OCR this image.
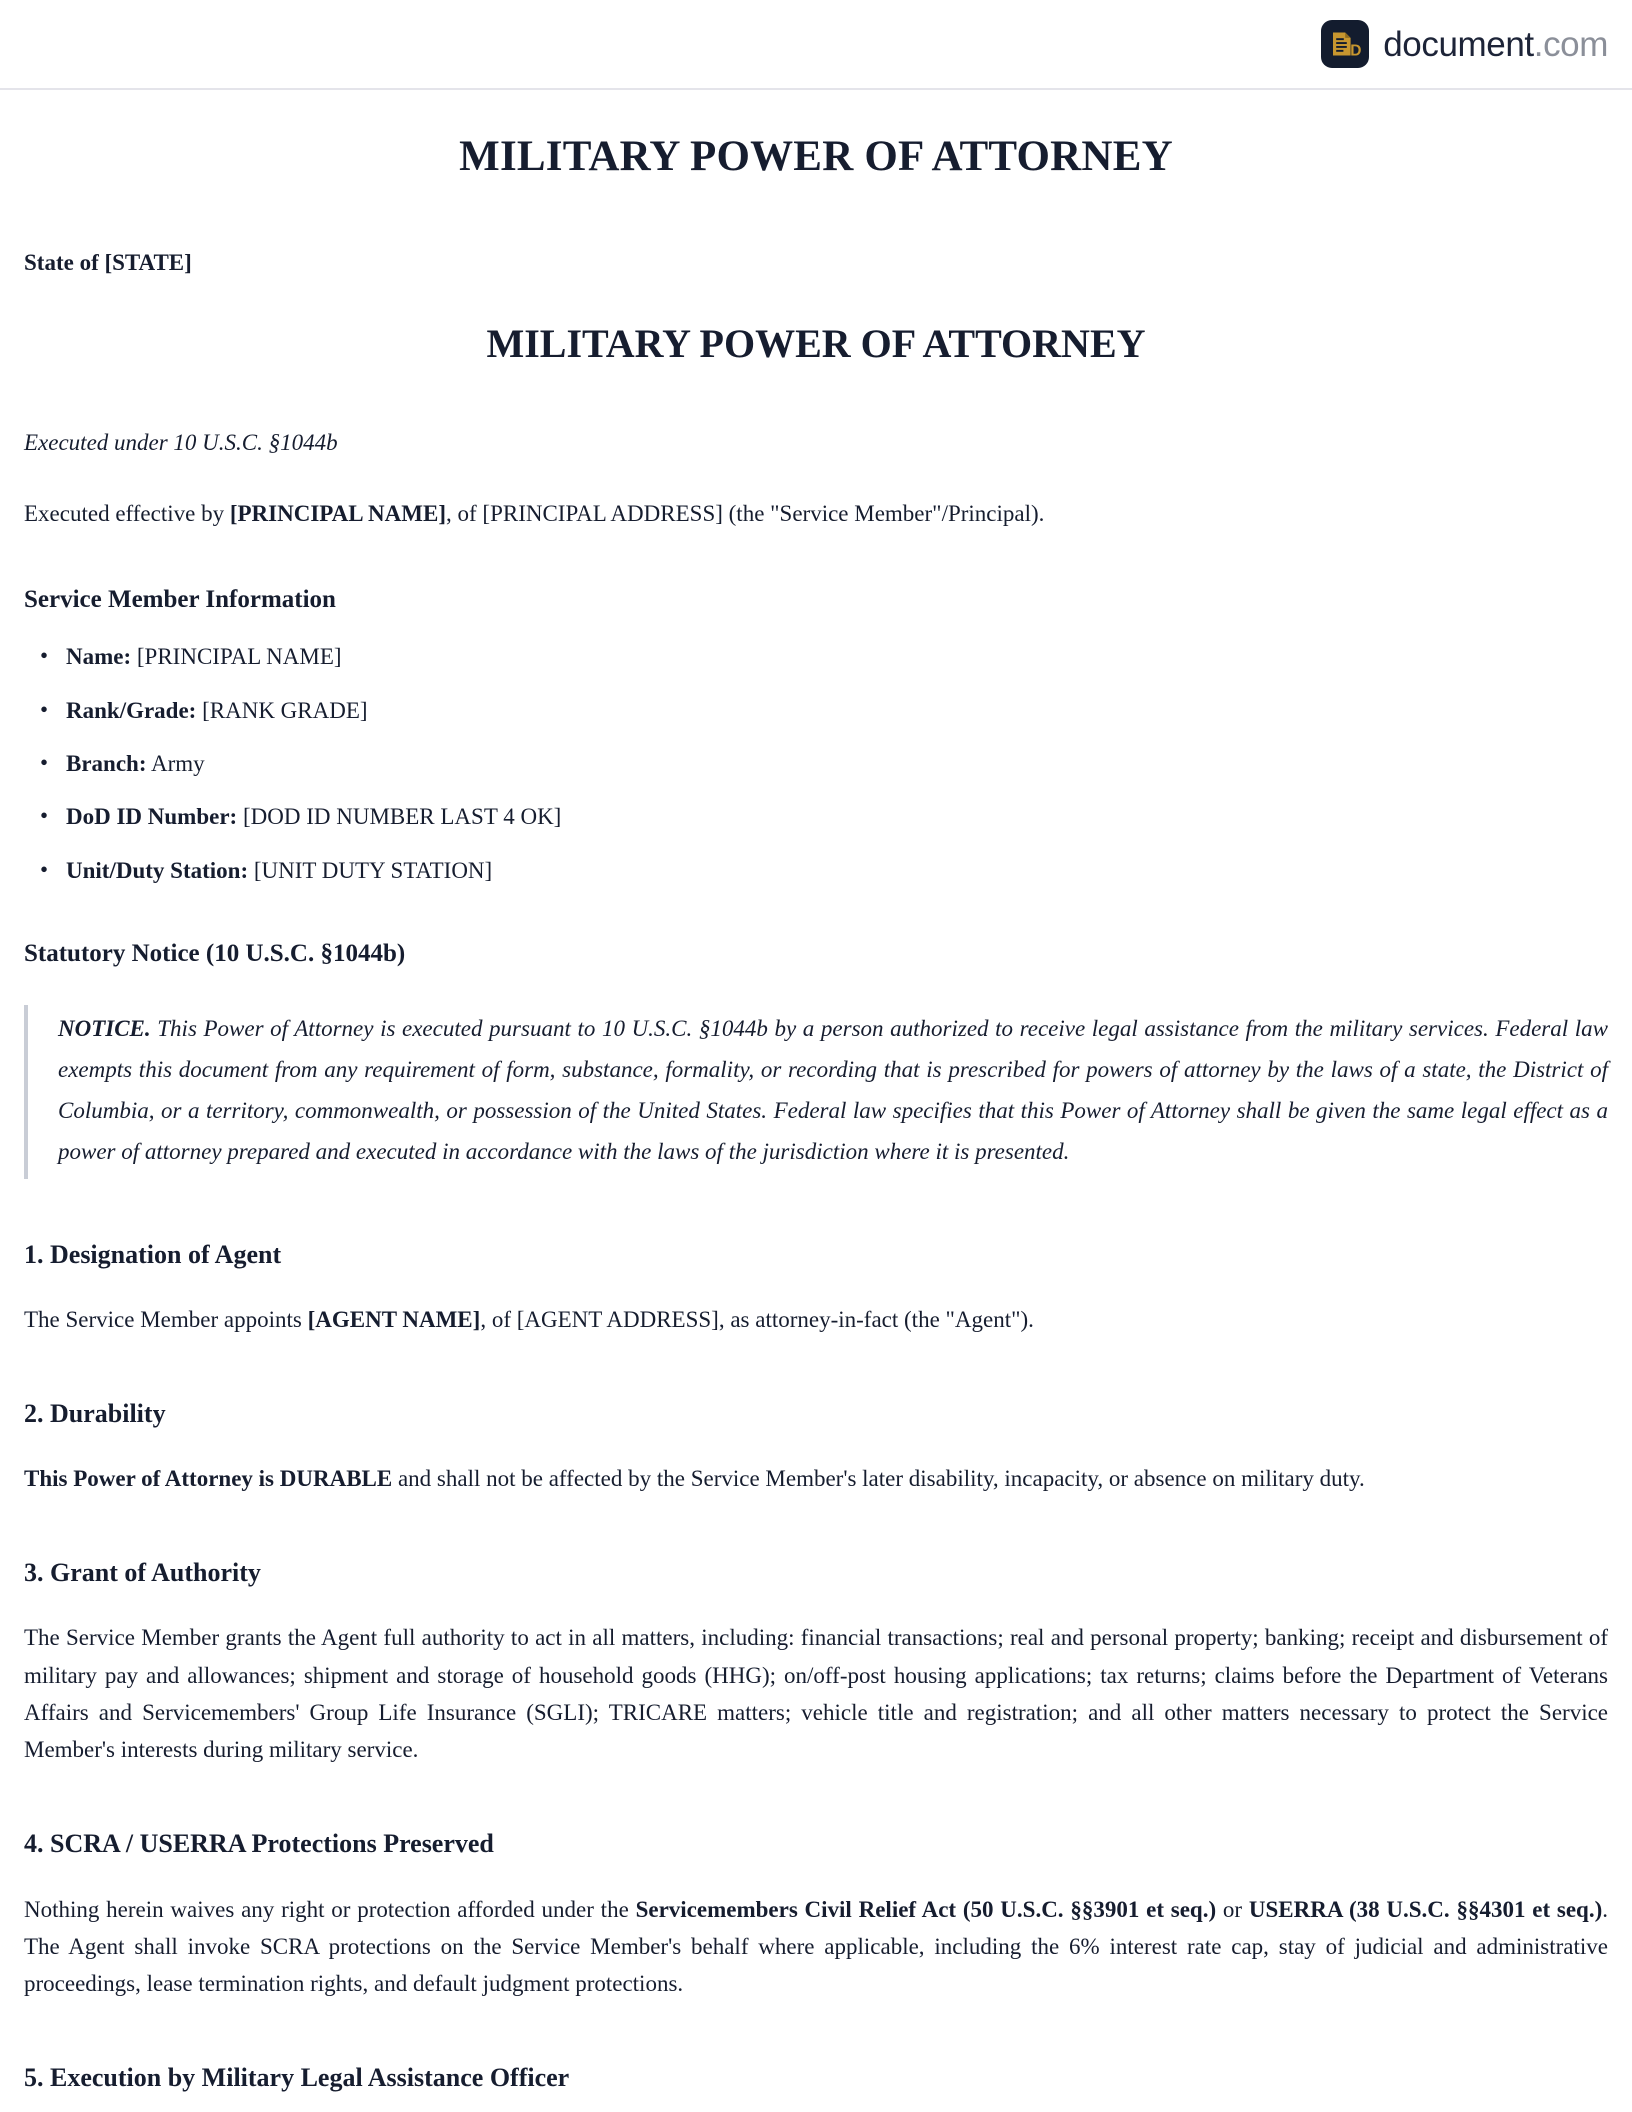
D document.com
MILITARY POWER OF ATTORNEY

State of [STATE]

MILITARY POWER OF ATTORNEY

Executed under 10 U.S.C. §1044b

Executed effective by [PRINCIPAL NAME], of [PRINCIPAL ADDRESS] (the "Service Member"/Principal).

Service Member Information
• Name: [PRINCIPAL NAME]
• Rank/Grade: [RANK GRADE]
• Branch: Army
• DoD ID Number: [DOD ID NUMBER LAST 4 OK]
• Unit/Duty Station: [UNIT DUTY STATION]
Statutory Notice (10 U.S.C. §1044b)

NOTICE. This Power of Attorney is executed pursuant to 10 U.S.C. §1044b by a person authorized to receive legal assistance from the military services. Federal law exempts this document from any requirement of form, substance, formality, or recording that is prescribed for powers of attorney by the laws of a state, the District of Columbia, or a territory, commonwealth, or possession of the United States. Federal law specifies that this Power of Attorney shall be given the same legal effect as a power of attorney prepared and executed in accordance with the laws of the jurisdiction where it is presented.

1. Designation of Agent

The Service Member appoints [AGENT NAME], of [AGENT ADDRESS], as attorney-in-fact (the "Agent").

2. Durability

This Power of Attorney is DURABLE and shall not be affected by the Service Member's later disability, incapacity, or absence on military duty.

3. Grant of Authority

The Service Member grants the Agent full authority to act in all matters, including: financial transactions; real and personal property; banking; receipt and disbursement of military pay and allowances; shipment and storage of household goods (HHG); on/off-post housing applications; tax returns; claims before the Department of Veterans Affairs and Servicemembers' Group Life Insurance (SGLI); TRICARE matters; vehicle title and registration; and all other matters necessary to protect the Service Member's interests during military service.

4. SCRA / USERRA Protections Preserved

Nothing herein waives any right or protection afforded under the Servicemembers Civil Relief Act (50 U.S.C. §§3901 et seq.) or USERRA (38 U.S.C. §§4301 et seq.). The Agent shall invoke SCRA protections on the Service Member's behalf where applicable, including the 6% interest rate cap, stay of judicial and administrative proceedings, lease termination rights, and default judgment protections.

5. Execution by Military Legal Assistance Officer
